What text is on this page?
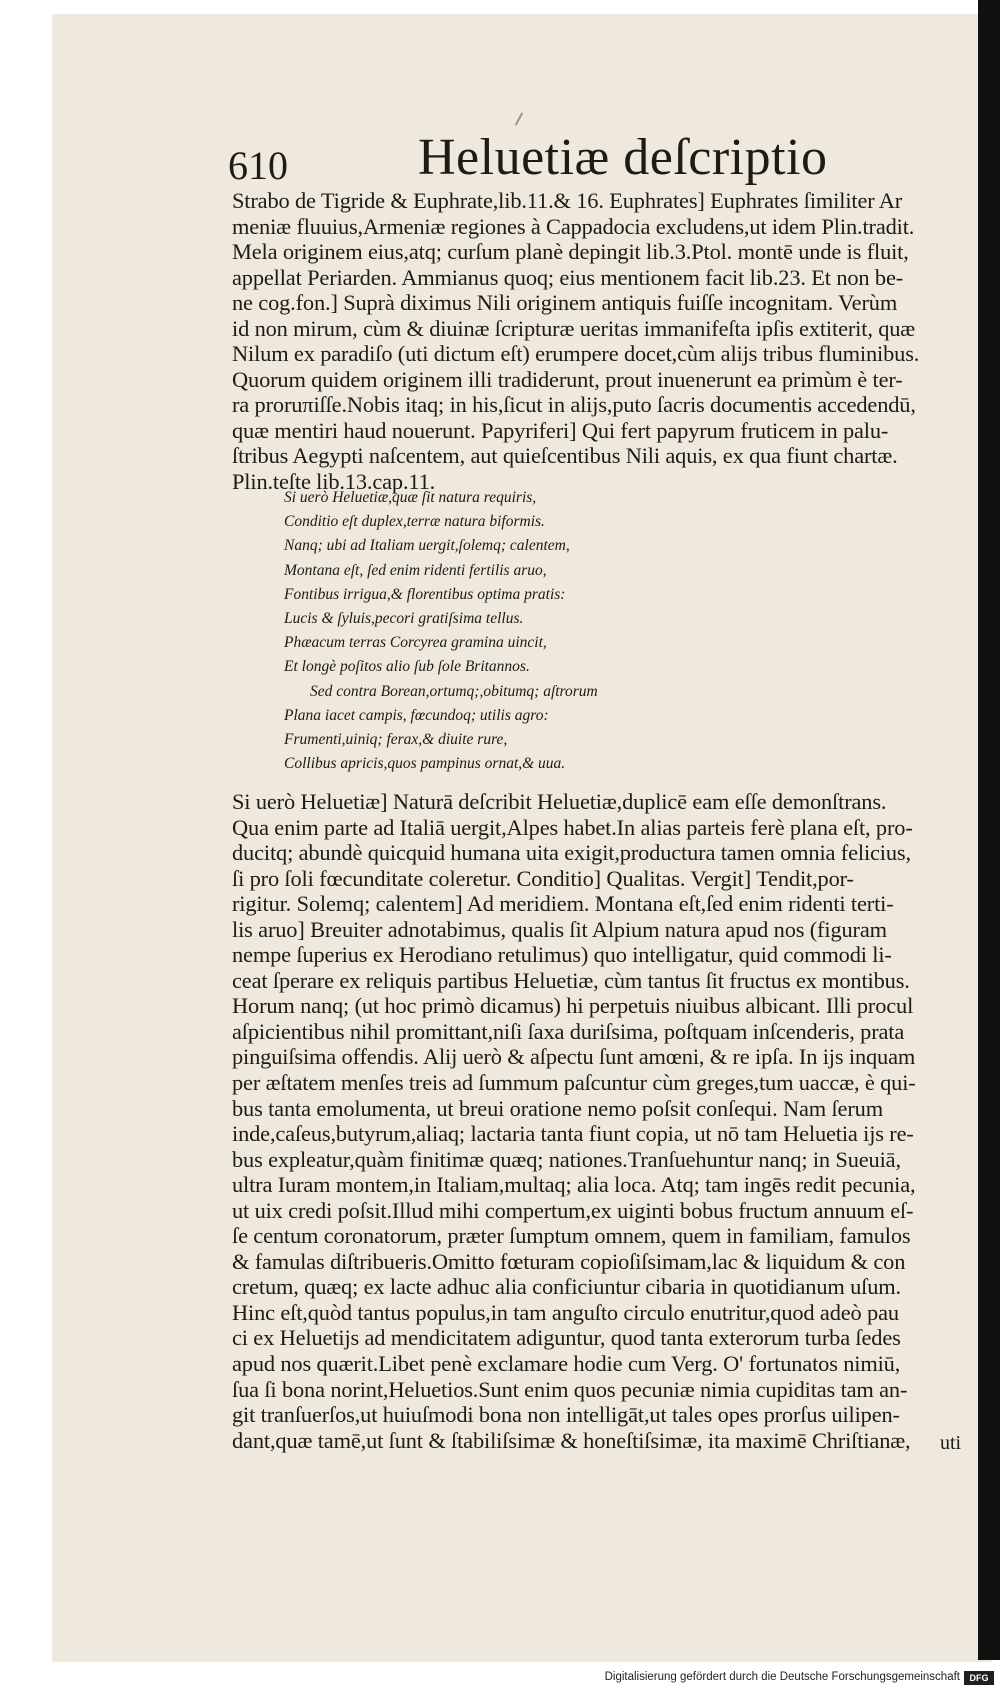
610	Heluetiæ deſcriptio
Strabo de Tigride & Euphrate,lib.11.& 16. Euphrates] Euphrates ſimiliter Ar
meniæ fluuius,Armeniæ regiones à Cappadocia excludens,ut idem Plin.tradit.
Mela originem eius,atq; curſum planè depingit lib.3.Ptol. montē unde is fluit,
appellat Periarden. Ammianus quoq; eius mentionem facit lib.23. Et non be-
ne cog.fon.] Suprà diximus Nili originem antiquis fuiſſe incognitam. Verùm
id non mirum, cùm & diuinæ ſcripturæ ueritas immanifeſta ipſis extiterit, quæ
Nilum ex paradiſo (uti dictum eſt) erumpere docet,cùm alijs tribus fluminibus.
Quorum quidem originem illi tradiderunt, prout inuenerunt ea primùm è ter-
ra proruπiſſe.Nobis itaq; in his,ſicut in alijs,puto ſacris documentis accedendū,
quæ mentiri haud nouerunt. Papyriferi] Qui fert papyrum fruticem in palu-
ſtribus Aegypti naſcentem, aut quieſcentibus Nili aquis, ex qua fiunt chartæ.
Plin.teſte lib.13.cap.11.
Si uerò Heluetiæ,quæ ſit natura requiris,
Conditio eſt duplex,terræ natura biformis.
Nanq; ubi ad Italiam uergit,ſolemq; calentem,
Montana eſt, ſed enim ridenti fertilis aruo,
Fontibus irrigua,& florentibus optima pratis:
Lucis & ſyluis,pecori gratiſsima tellus.
Phæacum terras Corcyrea gramina uincit,
Et longè poſitos alio ſub ſole Britannos.
Sed contra Borean,ortumq;,obitumq; aſtrorum
Plana iacet campis, fœcundoq; utilis agro:
Frumenti,uiniq; ferax,& diuite rure,
Collibus apricis,quos pampinus ornat,& uua.
Si uerò Heluetiæ] Naturā deſcribit Heluetiæ,duplicē eam eſſe demonſtrans.
Qua enim parte ad Italiā uergit,Alpes habet.In alias parteis ferè plana eſt, pro-
ducitq; abundè quicquid humana uita exigit,productura tamen omnia felicius,
ſi pro ſoli fœcunditate coleretur. Conditio] Qualitas. Vergit] Tendit,por-
rigitur. Solemq; calentem] Ad meridiem. Montana eſt,ſed enim ridenti terti-
lis aruo] Breuiter adnotabimus, qualis ſit Alpium natura apud nos (figuram
nempe ſuperius ex Herodiano retulimus) quo intelligatur, quid commodi li-
ceat ſperare ex reliquis partibus Heluetiæ, cùm tantus ſit fructus ex montibus.
Horum nanq; (ut hoc primò dicamus) hi perpetuis niuibus albicant. Illi procul
aſpicientibus nihil promittant,niſi ſaxa duriſsima, poſtquam inſcenderis, prata
pinguiſsima offendis. Alij uerò & aſpectu ſunt amœni, & re ipſa. In ijs inquam
per æſtatem menſes treis ad ſummum paſcuntur cùm greges,tum uaccæ, è qui-
bus tanta emolumenta, ut breui oratione nemo poſsit conſequi. Nam ſerum
inde,caſeus,butyrum,aliaq; lactaria tanta fiunt copia, ut nō tam Heluetia ijs re-
bus expleatur,quàm finitimæ quæq; nationes.Tranſuehuntur nanq; in Sueuiā,
ultra Iuram montem,in Italiam,multaq; alia loca. Atq; tam ingēs redit pecunia,
ut uix credi poſsit.Illud mihi compertum,ex uiginti bobus fructum annuum eſ-
ſe centum coronatorum, præter ſumptum omnem, quem in familiam, famulos
& famulas diſtribueris.Omitto fœturam copioſiſsimam,lac & liquidum & con
cretum, quæq; ex lacte adhuc alia conficiuntur cibaria in quotidianum uſum.
Hinc eſt,quòd tantus populus,in tam anguſto circulo enutritur,quod adeò pau
ci ex Heluetijs ad mendicitatem adiguntur, quod tanta exterorum turba ſedes
apud nos quærit.Libet penè exclamare hodie cum Verg. O' fortunatos nimiū,
ſua ſi bona norint,Heluetios.Sunt enim quos pecuniæ nimia cupiditas tam an-
git tranſuerſos,ut huiuſmodi bona non intelligāt,ut tales opes prorſus uilipen-
dant,quæ tamē,ut ſunt & ſtabiliſsimæ & honeſtiſsimæ, ita maximē Chriſtianæ,	uti
Digitalisierung gefördert durch die Deutsche Forschungsgemeinschaft	DFG
